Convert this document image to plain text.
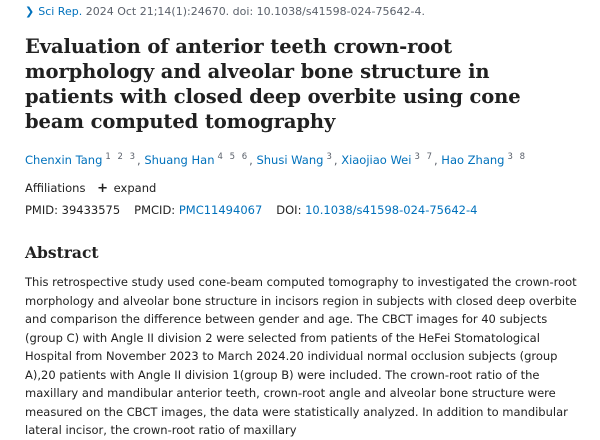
❯ Sci Rep. 2024 Oct 21;14(1):24670. doi: 10.1038/s41598-024-75642-4.
Evaluation of anterior teeth crown-root morphology and alveolar bone structure in patients with closed deep overbite using cone beam computed tomography
Chenxin Tang $^{1 2 3}$, Shuang Han $^{4 5 6}$, Shusi Wang $^3$, Xiaojiao Wei $^{3 7}$, Hao Zhang $^{3 8}$
Affiliations + expand
PMID: 39433575 PMCID: PMC11494067 DOI: 10.1038/s41598-024-75642-4
Abstract
This retrospective study used cone-beam computed tomography to investigated the crown-root morphology and alveolar bone structure in incisors region in subjects with closed deep overbite and comparison the difference between gender and age. The CBCT images for 40 subjects (group C) with Angle II division 2 were selected from patients of the HeFei Stomatological Hospital from November 2023 to March 2024.20 individual normal occlusion subjects (group A),20 patients with Angle II division 1(group B) were included. The crown-root ratio of the maxillary and mandibular anterior teeth, crown-root angle and alveolar bone structure were measured on the CBCT images, the data were statistically analyzed. In addition to mandibular lateral incisor, the crown-root ratio of maxillary
